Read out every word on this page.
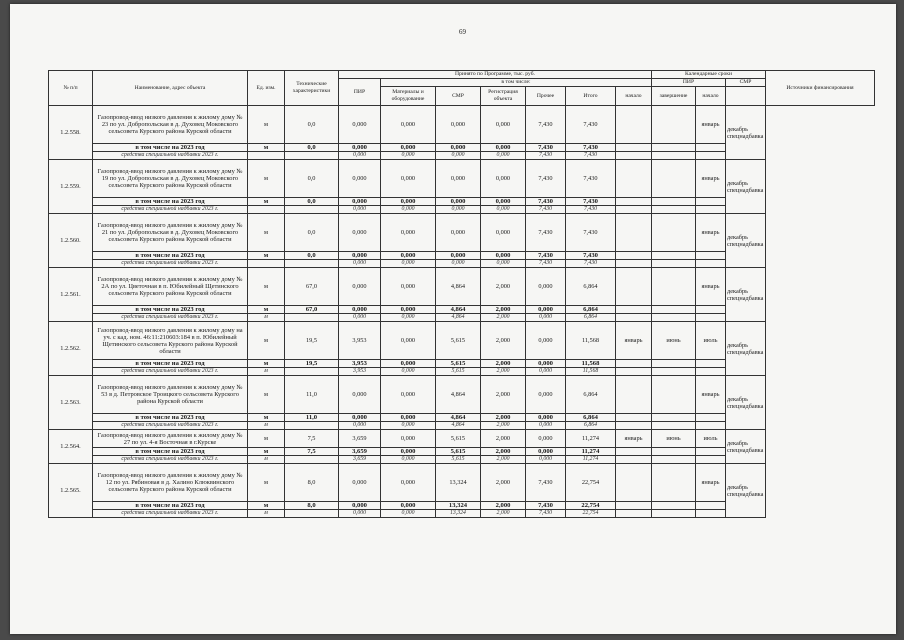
69
№ п/п	Наименование, адрес объекта	Ед. изм.	Технические характеристики	Принято по Программе, тыс. руб.							Календарные сроки			Источники финансирования
				ПИР	в том числе:						ПИР		СМР	
					Материалы и оборудование	СМР	Регистрация объекта	Прочее	Итого	начало	завершение	начало		
1.2.558.	Газопровод-ввод низкого давления к жилому дому № 23 по ул. Добропольская в д. Духовец Моковского сельсовета Курского района Курской области	м	0,0	0,000	0,000	0,000	0,000	7,430	7,430			январь	декабрь спецнадбавка	
	в том числе на 2023 год	м	0,0	0,000	0,000	0,000	0,000	7,430	7,430					
	средства специальной надбавки 2023 г.			0,000	0,000	0,000	0,000	7,430	7,430					
1.2.559.	Газопровод-ввод низкого давления к жилому дому № 19 по ул. Добропольская в д. Духовец Моковского сельсовета Курского района Курской области	м	0,0	0,000	0,000	0,000	0,000	7,430	7,430			январь	декабрь спецнадбавка	
	в том числе на 2023 год	м	0,0	0,000	0,000	0,000	0,000	7,430	7,430					
	средства специальной надбавки 2023 г.			0,000	0,000	0,000	0,000	7,430	7,430					
1.2.560.	Газопровод-ввод низкого давления к жилому дому № 21 по ул. Добропольская в д. Духовец Моковского сельсовета Курского района Курской области	м	0,0	0,000	0,000	0,000	0,000	7,430	7,430			январь	декабрь спецнадбавка	
	в том числе на 2023 год	м	0,0	0,000	0,000	0,000	0,000	7,430	7,430					
	средства специальной надбавки 2023 г.			0,000	0,000	0,000	0,000	7,430	7,430					
1.2.561.	Газопровод-ввод низкого давления к жилому дому № 2А по ул. Цветочная в п. Юбилейный Щетинского сельсовета Курского района Курской области	м	67,0	0,000	0,000	4,864	2,000	0,000	6,864			январь	декабрь спецнадбавка	
	в том числе на 2023 год	м	67,0	0,000	0,000	4,864	2,000	0,000	6,864					
	средства специальной надбавки 2023 г.	м		0,000	0,000	4,864	2,000	0,000	6,864					
1.2.562.	Газопровод-ввод низкого давления к жилому дому на уч. с кад. ном. 46:11:210603:184 в п. Юбилейный Щетинского сельсовета Курского района Курской области	м	19,5	3,953	0,000	5,615	2,000	0,000	11,568	январь	июнь	июль	декабрь спецнадбавка	
	в том числе на 2023 год	м	19,5	3,953	0,000	5,615	2,000	0,000	11,568					
	средства специальной надбавки 2023 г.	м		3,953	0,000	5,615	2,000	0,000	11,568					
1.2.563.	Газопровод-ввод низкого давления к жилому дому № 53 в д. Петровское Троицкого сельсовета Курского района Курской области	м	11,0	0,000	0,000	4,864	2,000	0,000	6,864			январь	декабрь спецнадбавка	
	в том числе на 2023 год	м	11,0	0,000	0,000	4,864	2,000	0,000	6,864					
	средства специальной надбавки 2023 г.	м		0,000	0,000	4,864	2,000	0,000	6,864					
1.2.564.	Газопровод-ввод низкого давления к жилому дому № 27 по ул. 4-я Восточная в г.Курске	м	7,5	3,659	0,000	5,615	2,000	0,000	11,274	январь	июнь	июль	декабрь спецнадбавка	
	в том числе на 2023 год	м	7,5	3,659	0,000	5,615	2,000	0,000	11,274					
	средства специальной надбавки 2023 г.	м		3,659	0,000	5,615	2,000	0,000	11,274					
1.2.565.	Газопровод-ввод низкого давления к жилому дому № 12 по ул. Рябиновая в д. Халино Клюквинского сельсовета Курского района Курской области	м	8,0	0,000	0,000	13,324	2,000	7,430	22,754			январь	декабрь спецнадбавка	
	в том числе на 2023 год	м	8,0	0,000	0,000	13,324	2,000	7,430	22,754					
	средства специальной надбавки 2023 г.	м		0,000	0,000	13,324	2,000	7,430	22,754					
